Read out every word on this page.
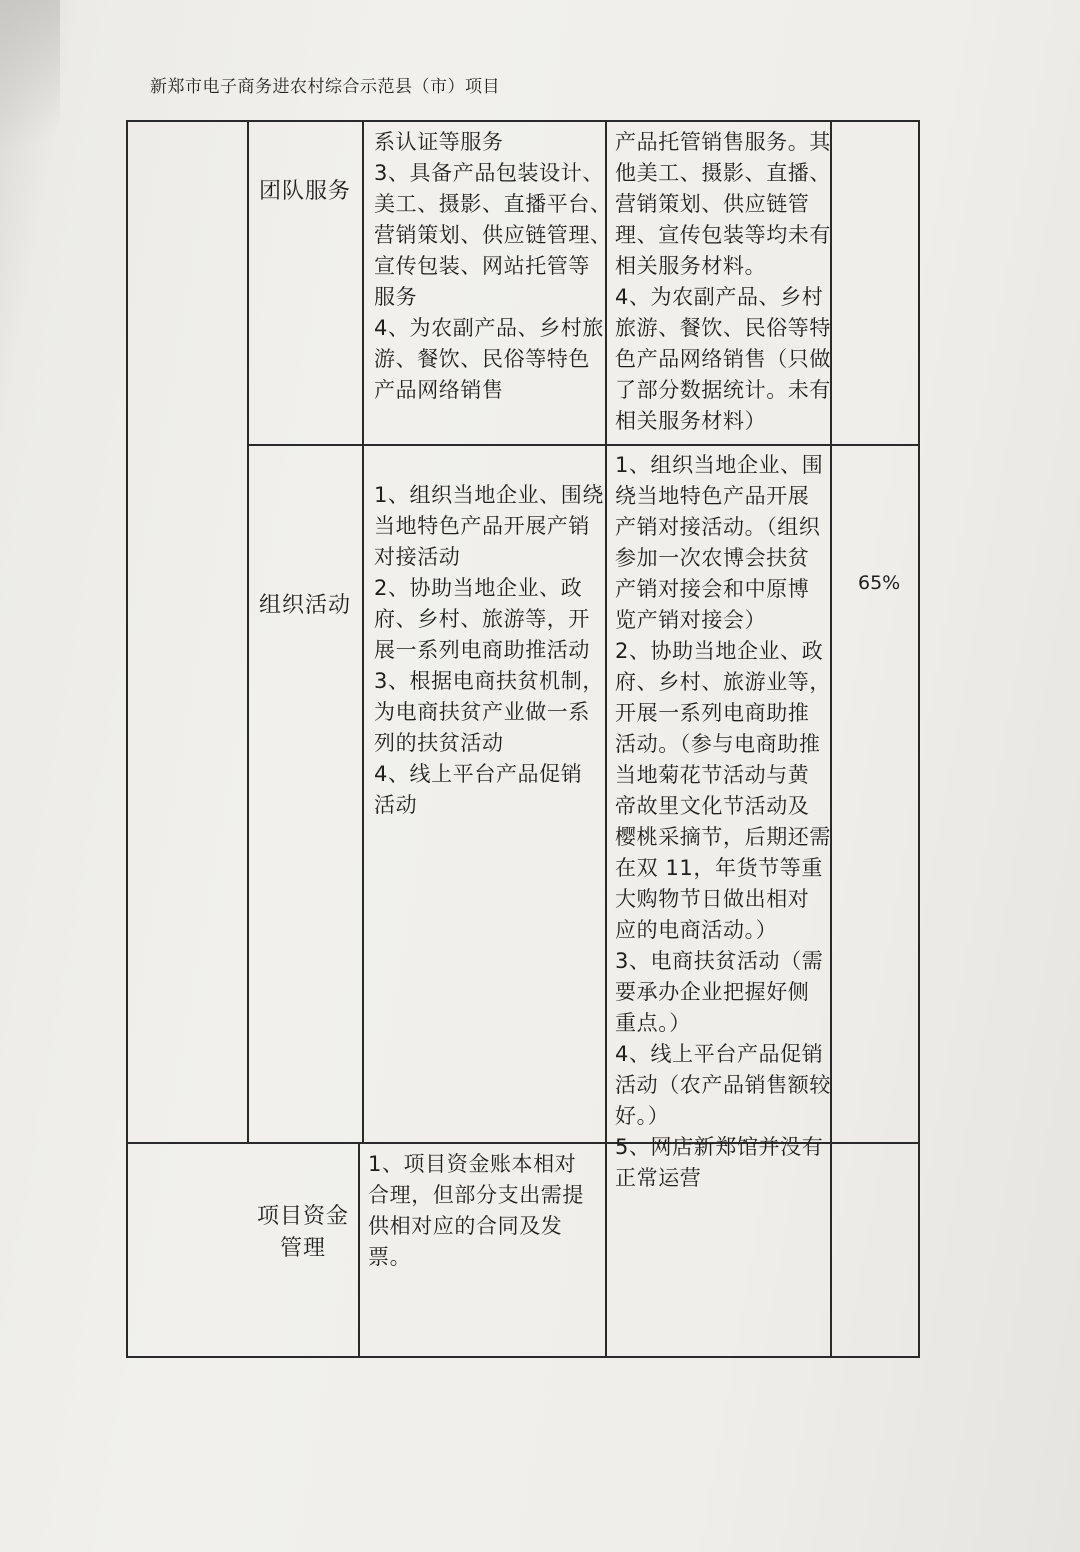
新郑市电子商务进农村综合示范县（市）项目
团队服务
系认证等服务
3、具备产品包装设计、
美工、摄影、直播平台、
营销策划、供应链管理、
宣传包装、网站托管等
服务
4、为农副产品、乡村旅
游、餐饮、民俗等特色
产品网络销售
产品托管销售服务。其
他美工、摄影、直播、
营销策划、供应链管
理、宣传包装等均未有
相关服务材料。
4、为农副产品、乡村
旅游、餐饮、民俗等特
色产品网络销售（只做
了部分数据统计。未有
相关服务材料）
组织活动
1、组织当地企业、围绕
当地特色产品开展产销
对接活动
2、协助当地企业、政
府、乡村、旅游等，开
展一系列电商助推活动
3、根据电商扶贫机制，
为电商扶贫产业做一系
列的扶贫活动
4、线上平台产品促销
活动
1、组织当地企业、围
绕当地特色产品开展
产销对接活动。（组织
参加一次农博会扶贫
产销对接会和中原博
览产销对接会）
2、协助当地企业、政
府、乡村、旅游业等，
开展一系列电商助推
活动。（参与电商助推
当地菊花节活动与黄
帝故里文化节活动及
樱桃采摘节，后期还需
在双 11，年货节等重
大购物节日做出相对
应的电商活动。）
3、电商扶贫活动（需
要承办企业把握好侧
重点。）
4、线上平台产品促销
活动（农产品销售额较
好。）
5、网店新郑馆并没有
正常运营
65%
项目资金
管理
1、项目资金账本相对
合理，但部分支出需提
供相对应的合同及发
票。
